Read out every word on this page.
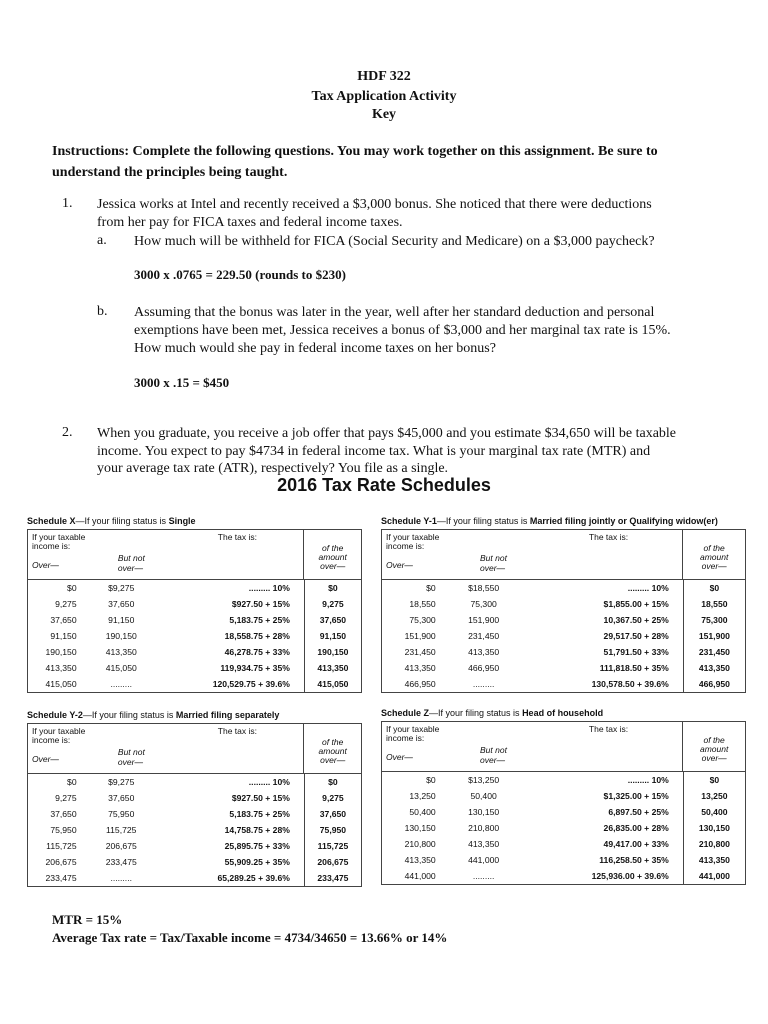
HDF 322
Tax Application Activity
Key
Instructions: Complete the following questions. You may work together on this assignment. Be sure to understand the principles being taught.
1. Jessica works at Intel and recently received a $3,000 bonus. She noticed that there were deductions
from her pay for FICA taxes and federal income taxes.
a. How much will be withheld for FICA (Social Security and Medicare) on a $3,000 paycheck?
3000 x .0765 = 229.50 (rounds to $230)
b. Assuming that the bonus was later in the year, well after her standard deduction and personal
exemptions have been met, Jessica receives a bonus of $3,000 and her marginal tax rate is 15%.
How much would she pay in federal income taxes on her bonus?
3000 x .15 = $450
2. When you graduate, you receive a job offer that pays $45,000 and you estimate $34,650 will be taxable
income. You expect to pay $4734 in federal income tax. What is your marginal tax rate (MTR) and
your average tax rate (ATR), respectively? You file as a single.
2016 Tax Rate Schedules
Schedule X—If your filing status is Single
If your taxable
income is:
The tax is:
But not
over—
Over—
of the
amount
over—
$0	$9,275	......... 10%	$0
9,275	37,650	$927.50 + 15%	9,275
37,650	91,150	5,183.75 + 25%	37,650
91,150	190,150	18,558.75 + 28%	91,150
190,150	413,350	46,278.75 + 33%	190,150
413,350	415,050	119,934.75 + 35%	413,350
415,050	.........	120,529.75 + 39.6%	415,050
Schedule Y-1—If your filing status is Married filing jointly or Qualifying widow(er)
If your taxable
income is:
The tax is:
But not
over—
Over—
of the
amount
over—
$0	$18,550	......... 10%	$0
18,550	75,300	$1,855.00 + 15%	18,550
75,300	151,900	10,367.50 + 25%	75,300
151,900	231,450	29,517.50 + 28%	151,900
231,450	413,350	51,791.50 + 33%	231,450
413,350	466,950	111,818.50 + 35%	413,350
466,950	.........	130,578.50 + 39.6%	466,950
Schedule Y-2—If your filing status is Married filing separately
If your taxable
income is:
The tax is:
But not
over—
Over—
of the
amount
over—
$0	$9,275	......... 10%	$0
9,275	37,650	$927.50 + 15%	9,275
37,650	75,950	5,183.75 + 25%	37,650
75,950	115,725	14,758.75 + 28%	75,950
115,725	206,675	25,895.75 + 33%	115,725
206,675	233,475	55,909.25 + 35%	206,675
233,475	.........	65,289.25 + 39.6%	233,475
Schedule Z—If your filing status is Head of household
If your taxable
income is:
The tax is:
But not
over—
Over—
of the
amount
over—
$0	$13,250	......... 10%	$0
13,250	50,400	$1,325.00 + 15%	13,250
50,400	130,150	6,897.50 + 25%	50,400
130,150	210,800	26,835.00 + 28%	130,150
210,800	413,350	49,417.00 + 33%	210,800
413,350	441,000	116,258.50 + 35%	413,350
441,000	.........	125,936.00 + 39.6%	441,000
MTR = 15%
Average Tax rate = Tax/Taxable income = 4734/34650 = 13.66% or 14%
